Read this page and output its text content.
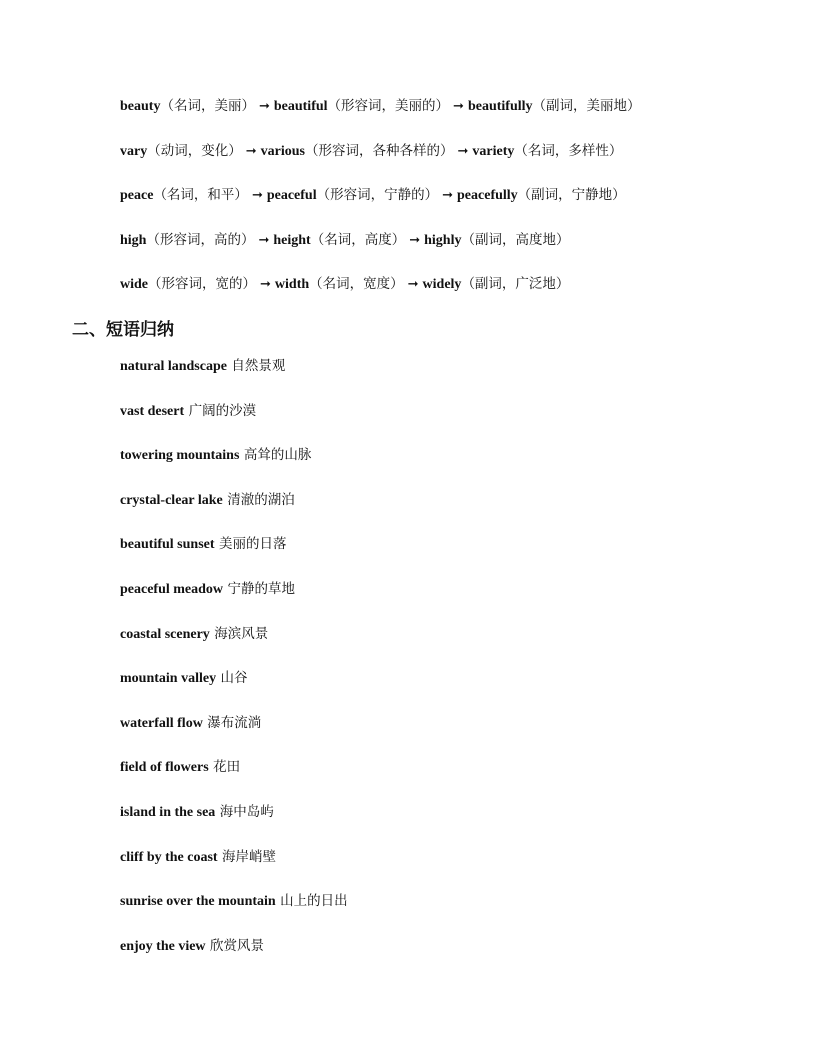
beauty（名词，美丽） ➞ beautiful（形容词，美丽的） ➞ beautifully（副词，美丽地）
vary（动词，变化） ➞ various（形容词，各种各样的） ➞ variety（名词，多样性）
peace（名词，和平） ➞ peaceful（形容词，宁静的） ➞ peacefully（副词，宁静地）
high（形容词，高的） ➞ height（名词，高度） ➞ highly（副词，高度地）
wide（形容词，宽的） ➞ width（名词，宽度） ➞ widely（副词，广泛地）
二、短语归纳
natural landscape 自然景观
vast desert 广阔的沙漠
towering mountains 高耸的山脉
crystal-clear lake 清澈的湖泊
beautiful sunset 美丽的日落
peaceful meadow 宁静的草地
coastal scenery 海滨风景
mountain valley 山谷
waterfall flow 瀑布流淌
field of flowers 花田
island in the sea 海中岛屿
cliff by the coast 海岸峭壁
sunrise over the mountain 山上的日出
enjoy the view 欣赏风景
